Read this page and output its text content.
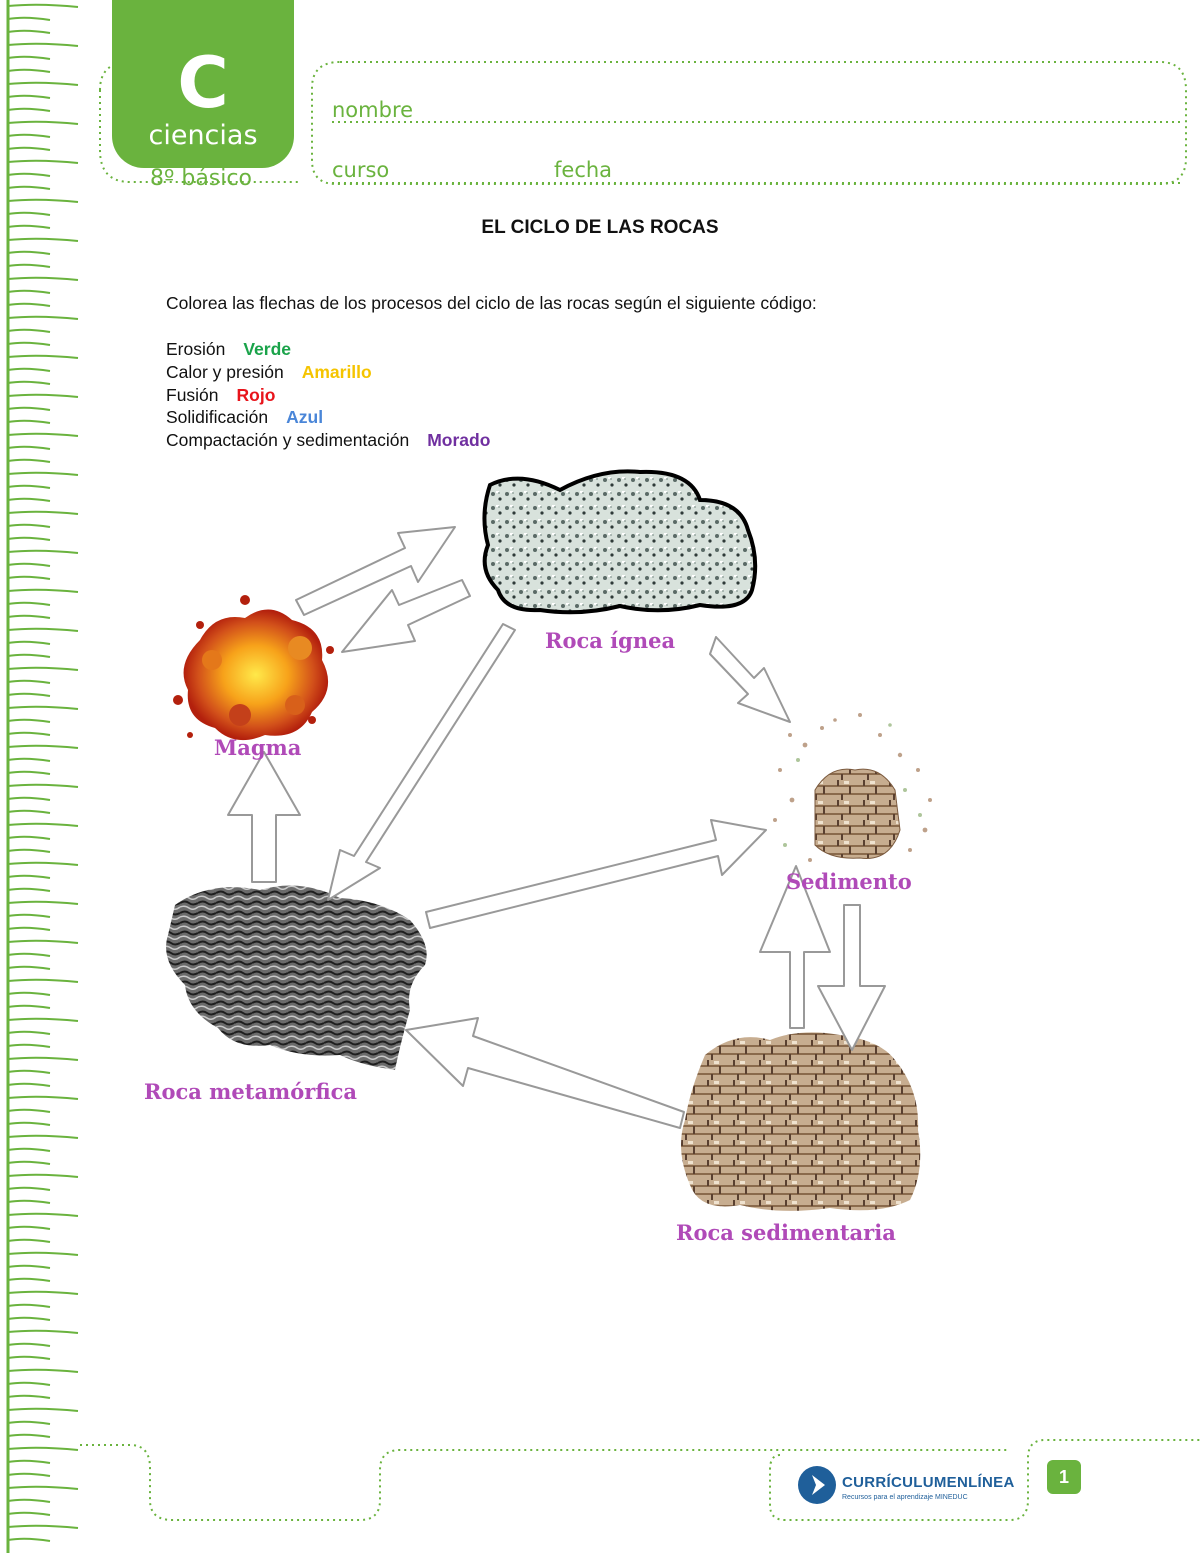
C
ciencias
8º básico
nombre
curso	fecha
EL CICLO DE LAS ROCAS
Colorea las flechas de los procesos del ciclo de las rocas según el siguiente código:
Erosión Verde
Calor y presión Amarillo
Fusión Rojo
Solidificación Azul
Compactación y sedimentación Morado
Roca ígnea
Magma
Sedimento
Roca metamórfica
Roca sedimentaria
CURRÍCULUMENLÍNEA
Recursos para el aprendizaje MINEDUC
1
